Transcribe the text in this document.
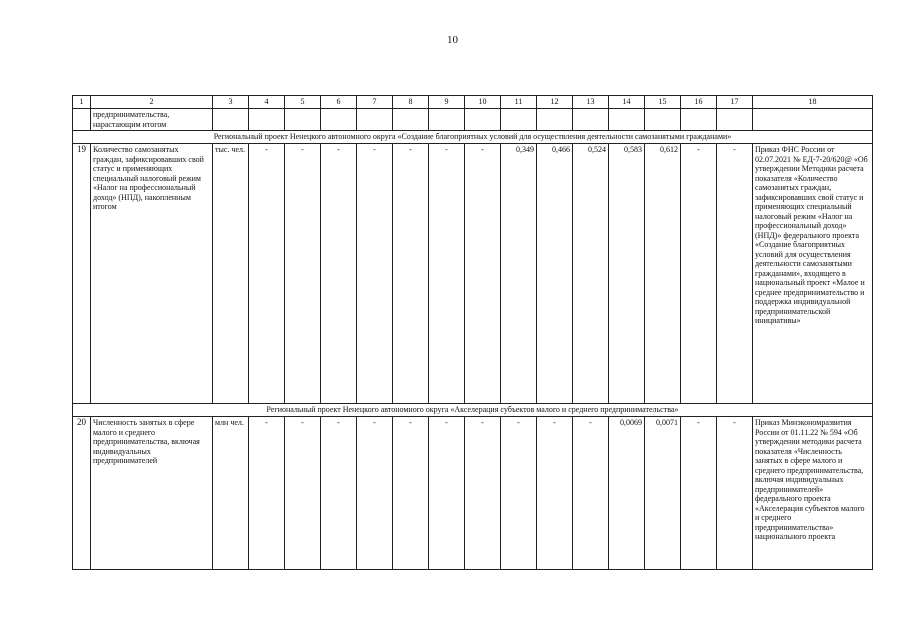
10
1	2	3	4	5	6	7	8	9	10	11	12	13	14	15	16	17	18
	предпринимательства, нарастающим итогом																
Региональный проект Ненецкого автономного округа «Создание благоприятных условий для осуществления деятельности самозанятыми гражданами»																	
19	Количество самозанятых граждан, зафиксировавших свой статус и применяющих специальный налоговый режим «Налог на профессиональный доход» (НПД), накопленным итогом	тыс. чел.	-	-	-	-	-	-	-	0,349	0,466	0,524	0,583	0,612	-	-	Приказ ФНС России от 02.07.2021 № ЕД-7-20/620@ «Об утверждении Методики расчета показателя «Количество самозанятых граждан, зафиксировавших свой статус и применяющих специальный налоговый режим «Налог на профессиональный доход» (НПД)» федерального проекта «Создание благоприятных условий для осуществления деятельности самозанятыми гражданами», входящего в национальный проект «Малое и среднее предпринимательство и поддержка индивидуальной предпринимательской инициативы»
Региональный проект Ненецкого автономного округа «Акселерация субъектов малого и среднего предпринимательства»																	
20	Численность занятых в сфере малого и среднего предпринимательства, включая индивидуальных предпринимателей	млн чел.	-	-	-	-	-	-	-	-	-	-	0,0069	0,0071	-	-	Приказ Минэкономразвития России от 01.11.22 № 594 «Об утверждении методики расчета показателя «Численность занятых в сфере малого и среднего предпринимательства, включая индивидуальных предпринимателей» федерального проекта «Акселерация субъектов малого и среднего предпринимательства» национального проекта
